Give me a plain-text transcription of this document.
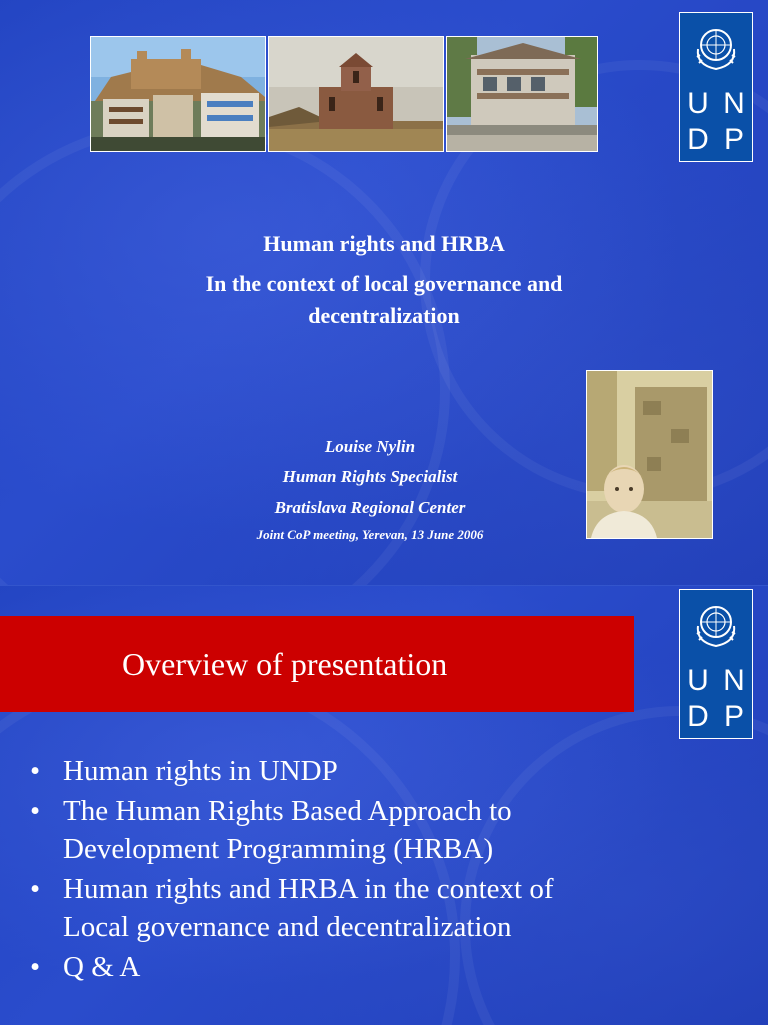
U N
D P
Human rights and HRBA
In the context of local governance and
decentralization
Louise Nylin
Human Rights Specialist
Bratislava Regional Center
Joint CoP meeting, Yerevan, 13 June 2006
Overview of presentation	U N
D P
• Human rights in UNDP
• The Human Rights Based Approach to
Development Programming (HRBA)
• Human rights and HRBA in the context of
Local governance and decentralization
• Q & A
